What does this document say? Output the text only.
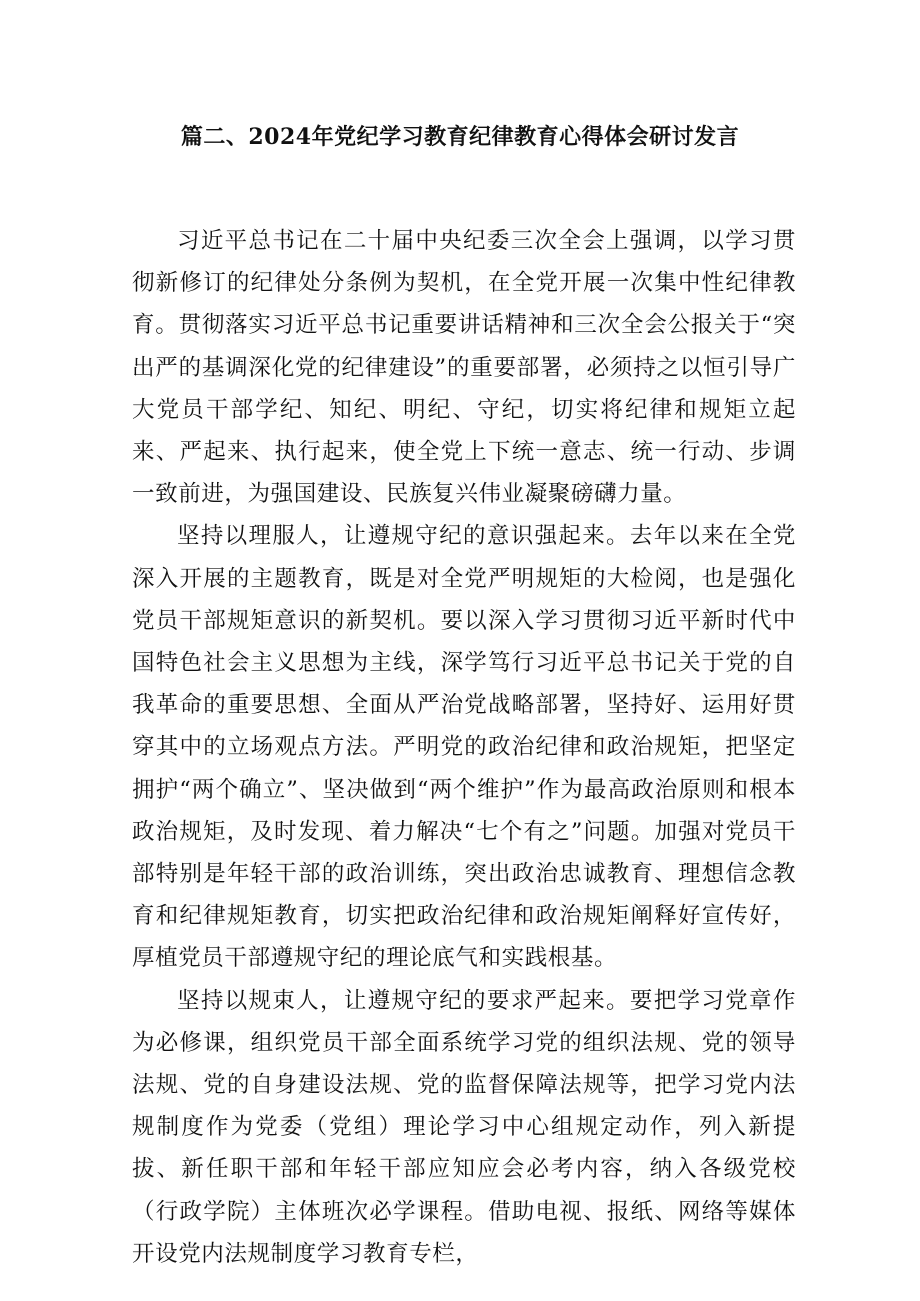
篇二、2024年党纪学习教育纪律教育心得体会研讨发言

习近平总书记在二十届中央纪委三次全会上强调，以学习贯彻新修订的纪律处分条例为契机，在全党开展一次集中性纪律教育。贯彻落实习近平总书记重要讲话精神和三次全会公报关于“突出严的基调深化党的纪律建设”的重要部署，必须持之以恒引导广大党员干部学纪、知纪、明纪、守纪，切实将纪律和规矩立起来、严起来、执行起来，使全党上下统一意志、统一行动、步调一致前进，为强国建设、民族复兴伟业凝聚磅礴力量。

坚持以理服人，让遵规守纪的意识强起来。去年以来在全党深入开展的主题教育，既是对全党严明规矩的大检阅，也是强化党员干部规矩意识的新契机。要以深入学习贯彻习近平新时代中国特色社会主义思想为主线，深学笃行习近平总书记关于党的自我革命的重要思想、全面从严治党战略部署，坚持好、运用好贯穿其中的立场观点方法。严明党的政治纪律和政治规矩，把坚定拥护“两个确立”、坚决做到“两个维护”作为最高政治原则和根本政治规矩，及时发现、着力解决“七个有之”问题。加强对党员干部特别是年轻干部的政治训练，突出政治忠诚教育、理想信念教育和纪律规矩教育，切实把政治纪律和政治规矩阐释好宣传好，厚植党员干部遵规守纪的理论底气和实践根基。

坚持以规束人，让遵规守纪的要求严起来。要把学习党章作为必修课，组织党员干部全面系统学习党的组织法规、党的领导法规、党的自身建设法规、党的监督保障法规等，把学习党内法规制度作为党委（党组）理论学习中心组规定动作，列入新提拔、新任职干部和年轻干部应知应会必考内容，纳入各级党校（行政学院）主体班次必学课程。借助电视、报纸、网络等媒体开设党内法规制度学习教育专栏，
